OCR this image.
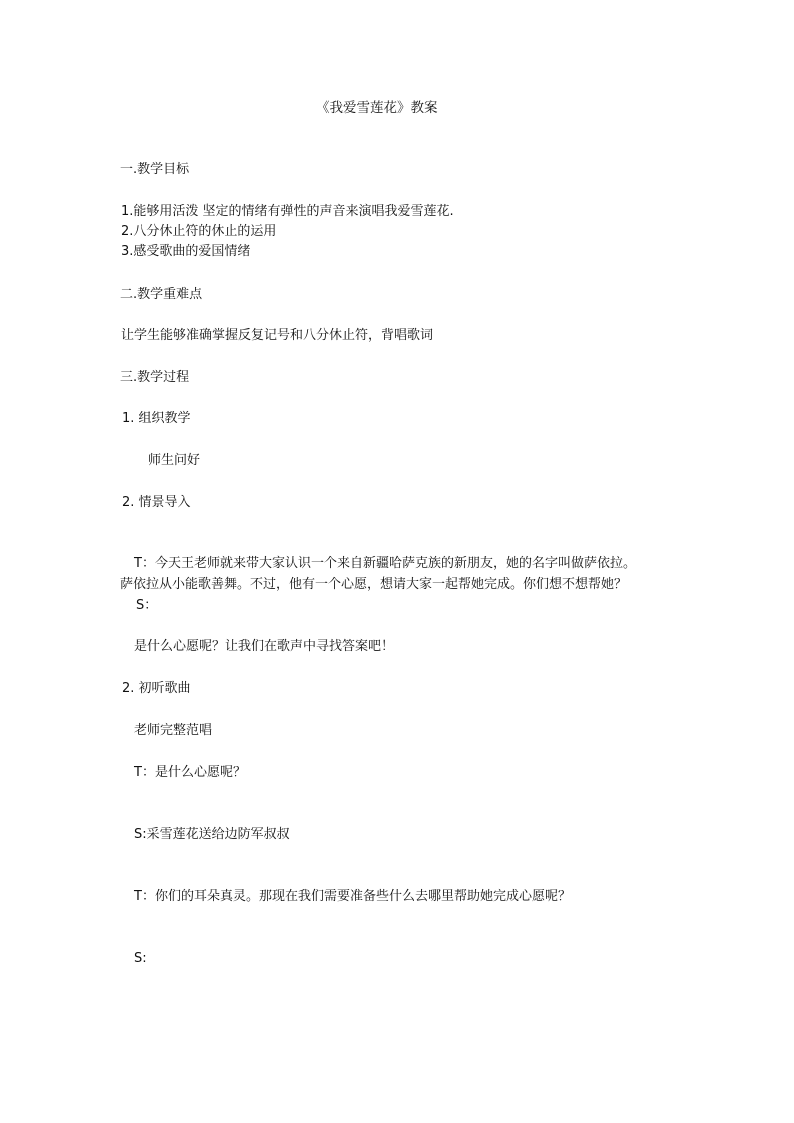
《我爱雪莲花》教案
一.教学目标
1.能够用活泼 坚定的情绪有弹性的声音来演唱我爱雪莲花.
2.八分休止符的休止的运用
3.感受歌曲的爱国情绪
二.教学重难点
让学生能够准确掌握反复记号和八分休止符，背唱歌词
三.教学过程
1. 组织教学
师生问好
2. 情景导入
T：今天王老师就来带大家认识一个来自新疆哈萨克族的新朋友，她的名字叫做萨依拉。
萨依拉从小能歌善舞。不过，他有一个心愿，想请大家一起帮她完成。你们想不想帮她？
S：
是什么心愿呢？让我们在歌声中寻找答案吧！
2. 初听歌曲
老师完整范唱
T：是什么心愿呢？
S:采雪莲花送给边防军叔叔
T：你们的耳朵真灵。那现在我们需要准备些什么去哪里帮助她完成心愿呢？
S:
